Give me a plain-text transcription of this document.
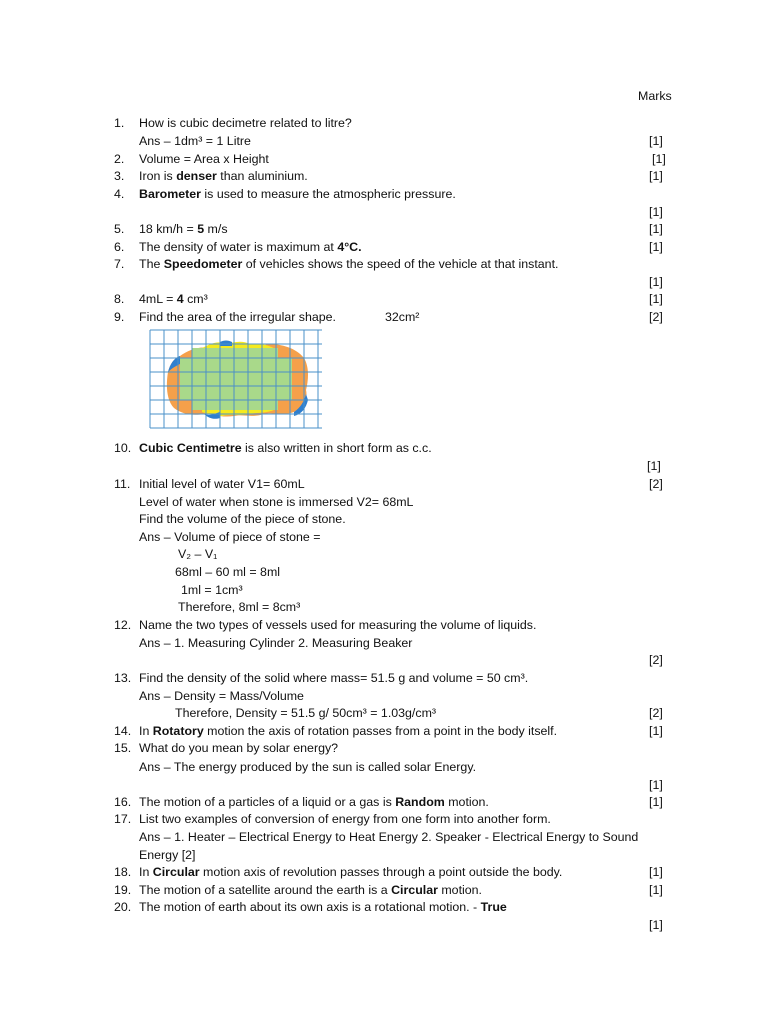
Marks
1. How is cubic decimetre related to litre?
Ans – 1dm³ = 1 Litre	[1]
2. Volume = Area x Height	[1]
3. Iron is denser than aluminium.	[1]
4. Barometer is used to measure the atmospheric pressure.
[1]
5. 18 km/h = 5 m/s	[1]
6. The density of water is maximum at 4°C.	[1]
7. The Speedometer of vehicles shows the speed of the vehicle at that instant.
[1]
8. 4mL = 4 cm³	[1]
9. Find the area of the irregular shape.	32cm²	[2]
10. Cubic Centimetre is also written in short form as c.c.
[1]
11. Initial level of water V1= 60mL	[2]
Level of water when stone is immersed V2= 68mL
Find the volume of the piece of stone.
Ans – Volume of piece of stone =
V₂ – V₁
68ml – 60 ml = 8ml
1ml = 1cm³
Therefore, 8ml = 8cm³
12. Name the two types of vessels used for measuring the volume of liquids.
Ans – 1. Measuring Cylinder 2. Measuring Beaker
[2]
13. Find the density of the solid where mass= 51.5 g and volume = 50 cm³.
Ans – Density = Mass/Volume
Therefore, Density = 51.5 g/ 50cm³ = 1.03g/cm³	[2]
14. In Rotatory motion the axis of rotation passes from a point in the body itself.	[1]
15. What do you mean by solar energy?
Ans – The energy produced by the sun is called solar Energy.
[1]
16. The motion of a particles of a liquid or a gas is Random motion.	[1]
17. List two examples of conversion of energy from one form into another form.
Ans – 1. Heater – Electrical Energy to Heat Energy 2. Speaker - Electrical Energy to Sound
Energy [2]
18. In Circular motion axis of revolution passes through a point outside the body.	[1]
19. The motion of a satellite around the earth is a Circular motion.	[1]
20. The motion of earth about its own axis is a rotational motion. - True
[1]
